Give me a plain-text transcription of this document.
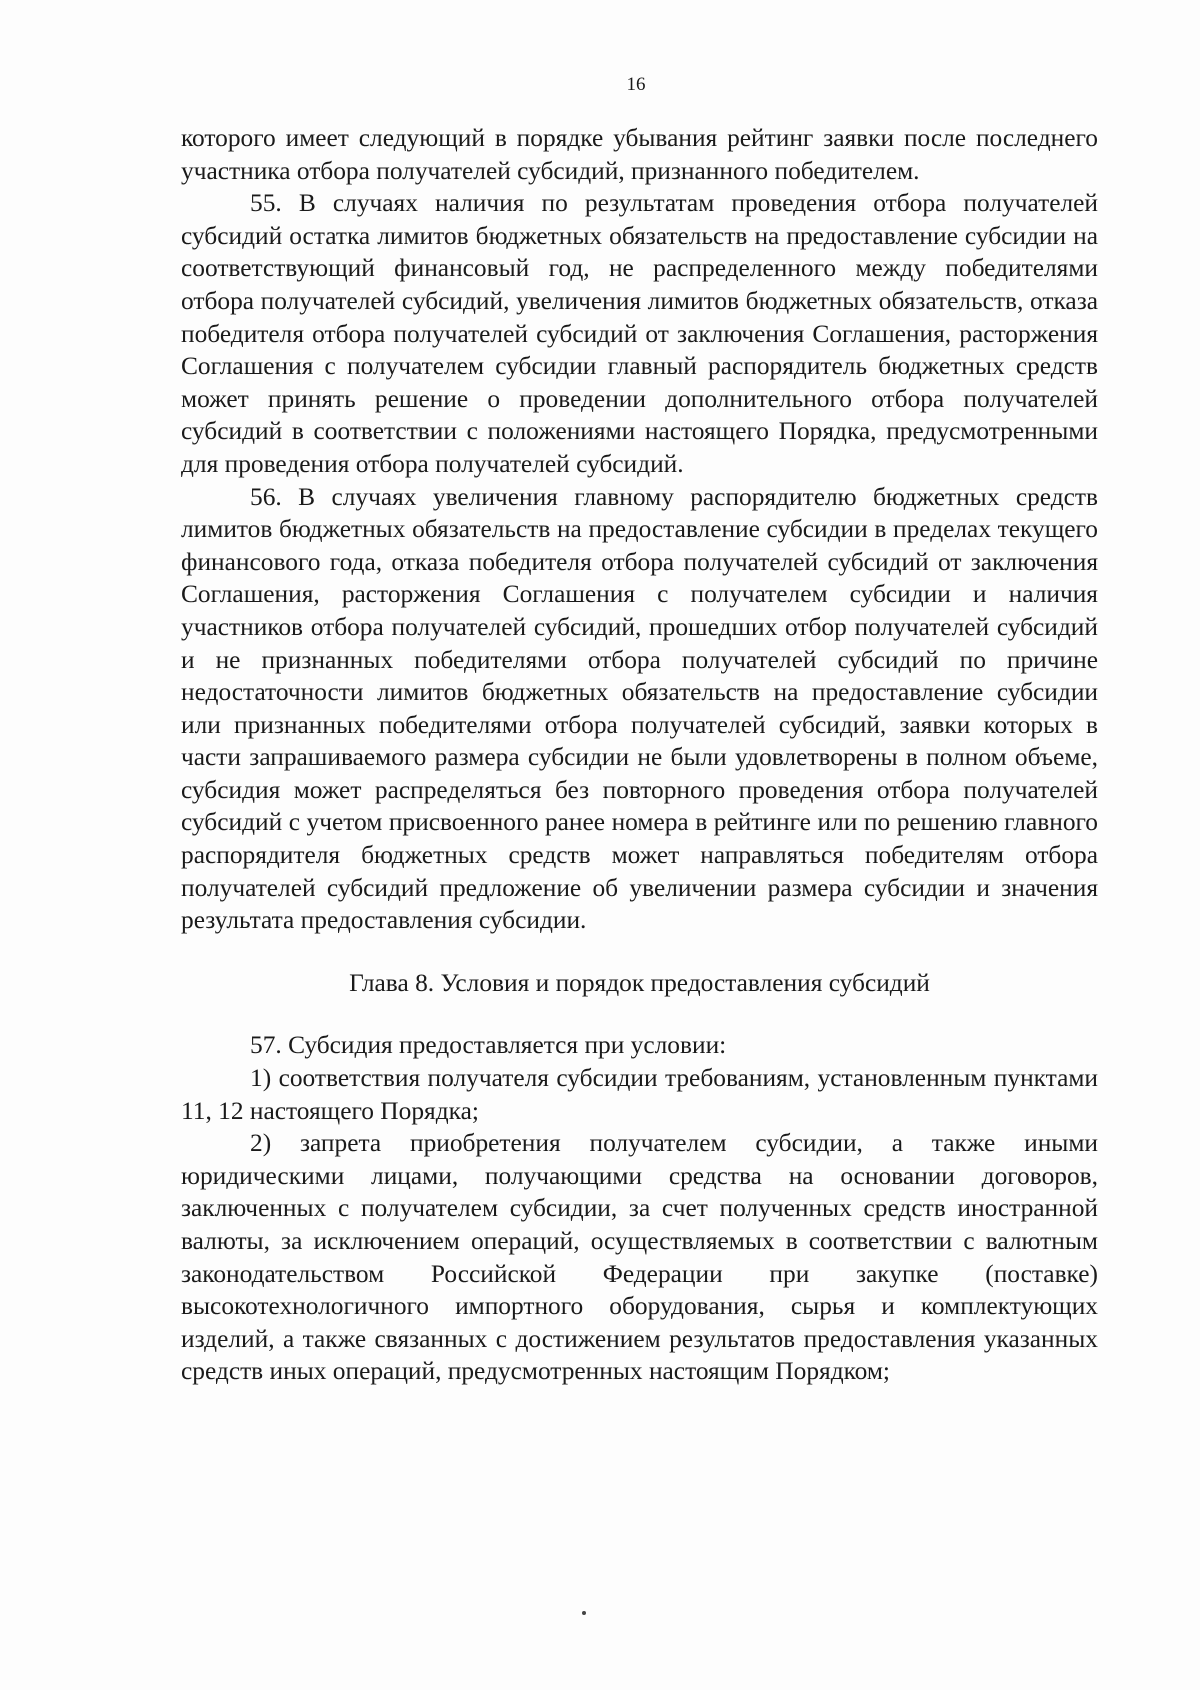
16

которого имеет следующий в порядке убывания рейтинг заявки после последнего участника отбора получателей субсидий, признанного победителем.

55. В случаях наличия по результатам проведения отбора получателей субсидий остатка лимитов бюджетных обязательств на предоставление субсидии на соответствующий финансовый год, не распределенного между победителями отбора получателей субсидий, увеличения лимитов бюджетных обязательств, отказа победителя отбора получателей субсидий от заключения Соглашения, расторжения Соглашения с получателем субсидии главный распорядитель бюджетных средств может принять решение о проведении дополнительного отбора получателей субсидий в соответствии с положениями настоящего Порядка, предусмотренными для проведения отбора получателей субсидий.

56. В случаях увеличения главному распорядителю бюджетных средств лимитов бюджетных обязательств на предоставление субсидии в пределах текущего финансового года, отказа победителя отбора получателей субсидий от заключения Соглашения, расторжения Соглашения с получателем субсидии и наличия участников отбора получателей субсидий, прошедших отбор получателей субсидий и не признанных победителями отбора получателей субсидий по причине недостаточности лимитов бюджетных обязательств на предоставление субсидии или признанных победителями отбора получателей субсидий, заявки которых в части запрашиваемого размера субсидии не были удовлетворены в полном объеме, субсидия может распределяться без повторного проведения отбора получателей субсидий с учетом присвоенного ранее номера в рейтинге или по решению главного распорядителя бюджетных средств может направляться победителям отбора получателей субсидий предложение об увеличении размера субсидии и значения результата предоставления субсидии.

Глава 8. Условия и порядок предоставления субсидий

57. Субсидия предоставляется при условии:

1) соответствия получателя субсидии требованиям, установленным пунктами 11, 12 настоящего Порядка;

2) запрета приобретения получателем субсидии, а также иными юридическими лицами, получающими средства на основании договоров, заключенных с получателем субсидии, за счет полученных средств иностранной валюты, за исключением операций, осуществляемых в соответствии с валютным законодательством Российской Федерации при закупке (поставке) высокотехнологичного импортного оборудования, сырья и комплектующих изделий, а также связанных с достижением результатов предоставления указанных средств иных операций, предусмотренных настоящим Порядком;
